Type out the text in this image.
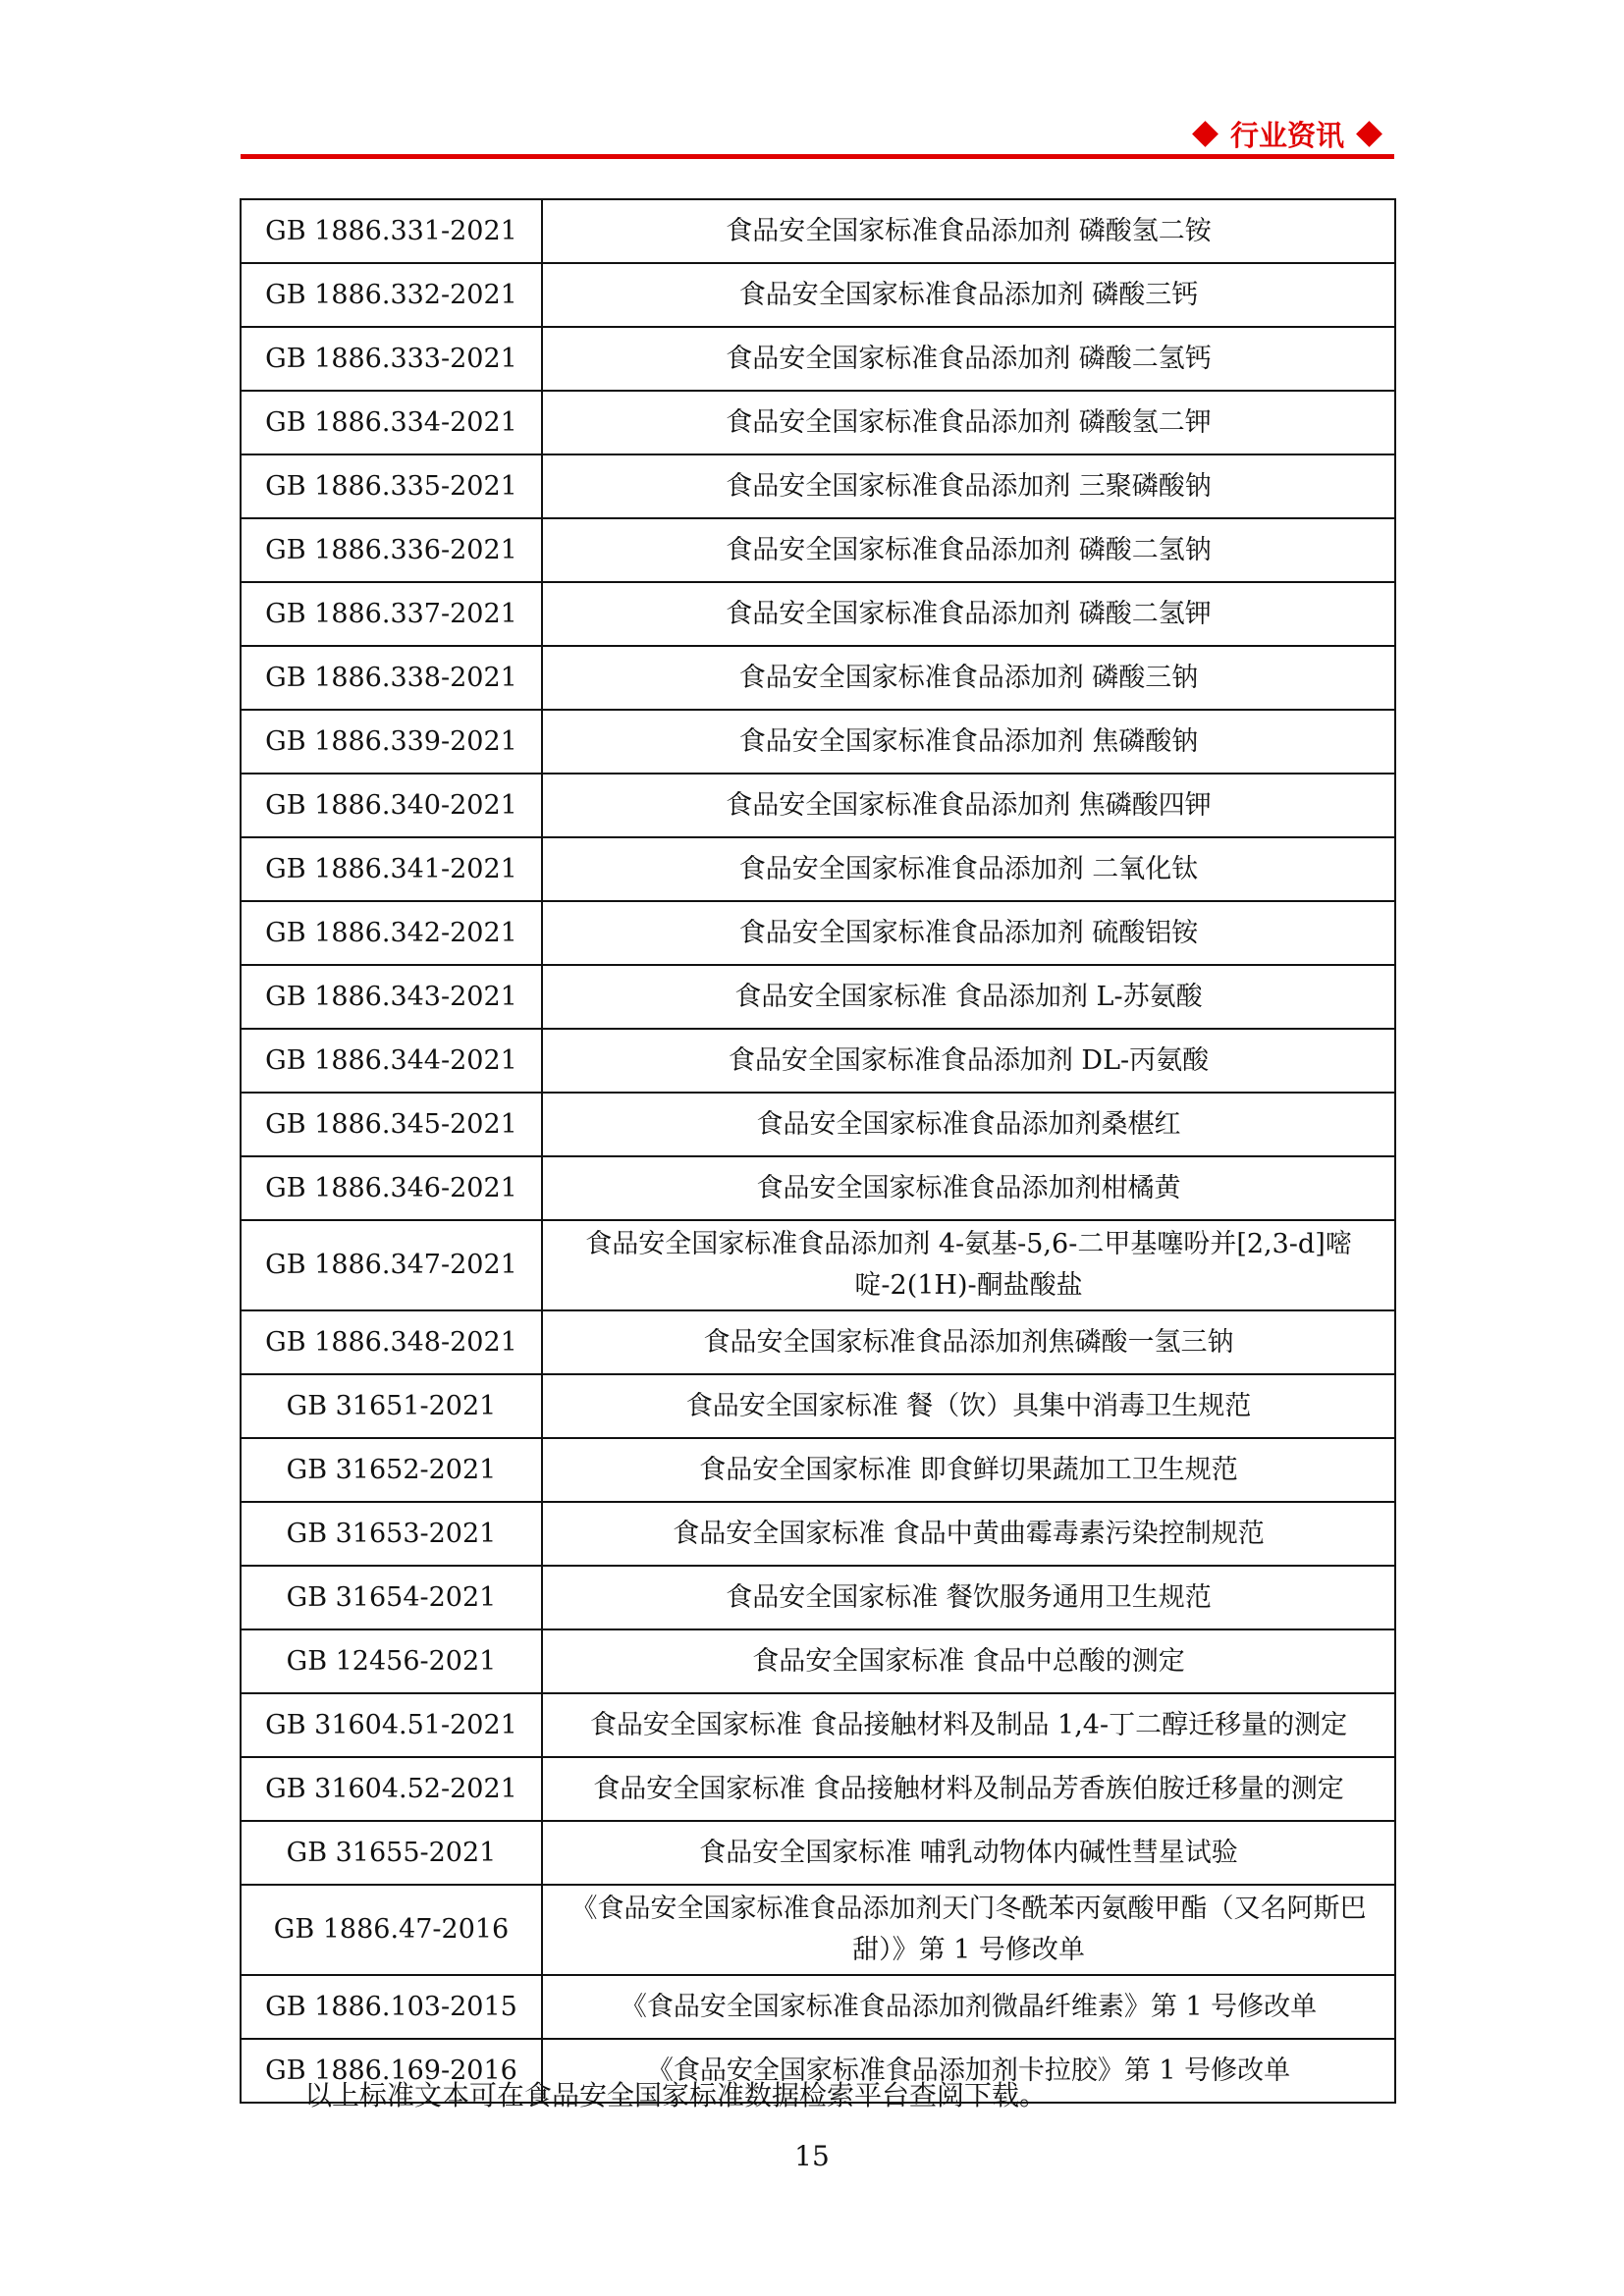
行业资讯
GB 1886.331-2021	食品安全国家标准食品添加剂 磷酸氢二铵
GB 1886.332-2021	食品安全国家标准食品添加剂 磷酸三钙
GB 1886.333-2021	食品安全国家标准食品添加剂 磷酸二氢钙
GB 1886.334-2021	食品安全国家标准食品添加剂 磷酸氢二钾
GB 1886.335-2021	食品安全国家标准食品添加剂 三聚磷酸钠
GB 1886.336-2021	食品安全国家标准食品添加剂 磷酸二氢钠
GB 1886.337-2021	食品安全国家标准食品添加剂 磷酸二氢钾
GB 1886.338-2021	食品安全国家标准食品添加剂 磷酸三钠
GB 1886.339-2021	食品安全国家标准食品添加剂 焦磷酸钠
GB 1886.340-2021	食品安全国家标准食品添加剂 焦磷酸四钾
GB 1886.341-2021	食品安全国家标准食品添加剂 二氧化钛
GB 1886.342-2021	食品安全国家标准食品添加剂 硫酸铝铵
GB 1886.343-2021	食品安全国家标准 食品添加剂 L-苏氨酸
GB 1886.344-2021	食品安全国家标准食品添加剂 DL-丙氨酸
GB 1886.345-2021	食品安全国家标准食品添加剂桑椹红
GB 1886.346-2021	食品安全国家标准食品添加剂柑橘黄
GB 1886.347-2021	食品安全国家标准食品添加剂 4-氨基-5,6-二甲基噻吩并[2,3-d]嘧啶-2(1H)-酮盐酸盐
GB 1886.348-2021	食品安全国家标准食品添加剂焦磷酸一氢三钠
GB 31651-2021	食品安全国家标准 餐（饮）具集中消毒卫生规范
GB 31652-2021	食品安全国家标准 即食鲜切果蔬加工卫生规范
GB 31653-2021	食品安全国家标准 食品中黄曲霉毒素污染控制规范
GB 31654-2021	食品安全国家标准 餐饮服务通用卫生规范
GB 12456-2021	食品安全国家标准 食品中总酸的测定
GB 31604.51-2021	食品安全国家标准 食品接触材料及制品 1,4-丁二醇迁移量的测定
GB 31604.52-2021	食品安全国家标准 食品接触材料及制品芳香族伯胺迁移量的测定
GB 31655-2021	食品安全国家标准 哺乳动物体内碱性彗星试验
GB 1886.47-2016	《食品安全国家标准食品添加剂天门冬酰苯丙氨酸甲酯（又名阿斯巴甜）》第 1 号修改单
GB 1886.103-2015	《食品安全国家标准食品添加剂微晶纤维素》第 1 号修改单
GB 1886.169-2016	《食品安全国家标准食品添加剂卡拉胶》第 1 号修改单
以上标准文本可在食品安全国家标准数据检索平台查阅下载。
15
